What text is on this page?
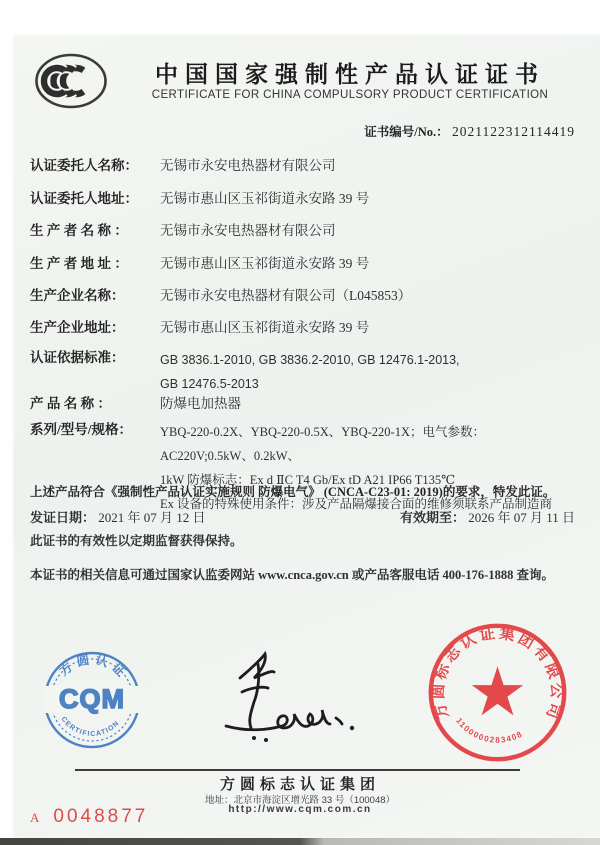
中国国家强制性产品认证证书
CERTIFICATE FOR CHINA COMPULSORY PRODUCT CERTIFICATION
证书编号/No.： 2021122312114419
认证委托人名称：	无锡市永安电热器材有限公司
认证委托人地址：	无锡市惠山区玉祁街道永安路 39 号
生 产 者 名 称 ：	无锡市永安电热器材有限公司
生 产 者 地 址 ：	无锡市惠山区玉祁街道永安路 39 号
生产企业名称：	无锡市永安电热器材有限公司（L045853）
生产企业地址：	无锡市惠山区玉祁街道永安路 39 号
认证依据标准：	GB 3836.1-2010, GB 3836.2-2010, GB 12476.1-2013,
GB 12476.5-2013
产 品 名 称 ：	防爆电加热器
系列/型号/规格：	YBQ-220-0.2X、YBQ-220-0.5X、YBQ-220-1X；电气参数：AC220V;0.5kW、0.2kW、
1kW 防爆标志：Ex d ⅡC T4 Gb/Ex tD A21 IP66 T135℃
Ex 设备的特殊使用条件：涉及产品隔爆接合面的维修须联系产品制造商
上述产品符合《强制性产品认证实施规则 防爆电气》 (CNCA-C23-01: 2019)的要求，特发此证。
发证日期： 2021 年 07 月 12 日	有效期至： 2026 年 07 月 11 日
此证书的有效性以定期监督获得保持。
本证书的相关信息可通过国家认监委网站 www.cnca.gov.cn 或产品客服电话 400-176-1888 查询。
方圆认证
CQM
CERTIFICATION
方圆标志认证集团有限公司
1100000283408
方圆标志认证集团
地址：北京市海淀区增光路 33 号（100048）
http://www.cqm.com.cn
A 0048877
